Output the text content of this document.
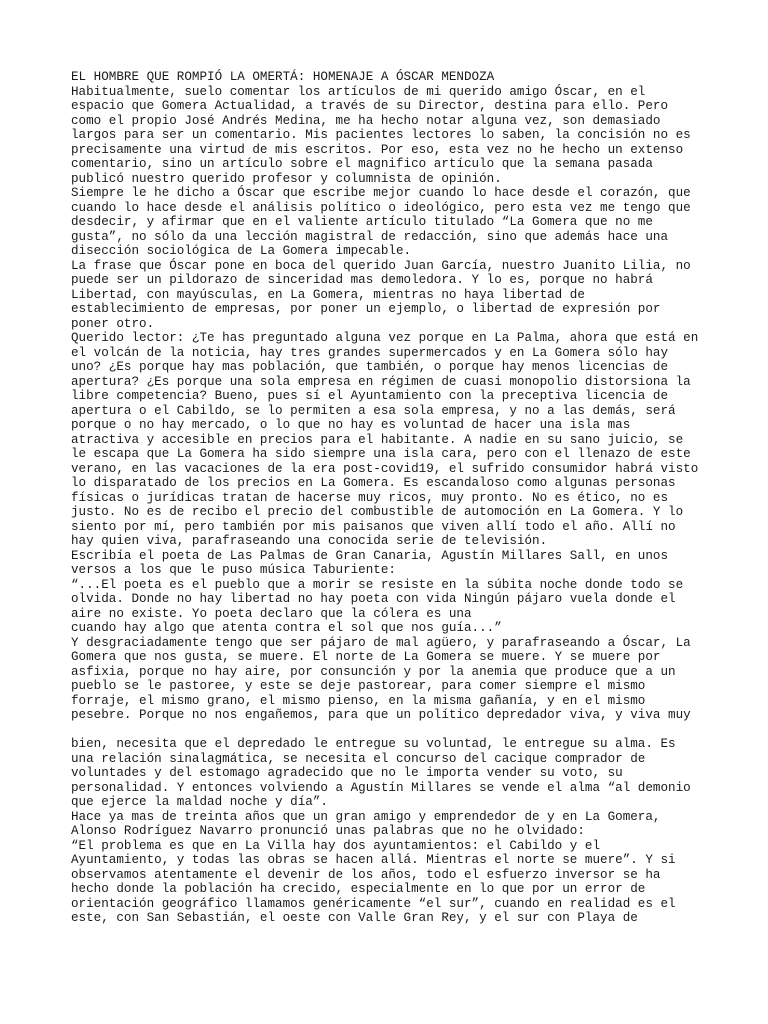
EL HOMBRE QUE ROMPIÓ LA OMERTÁ: HOMENAJE A ÓSCAR MENDOZA
Habitualmente, suelo comentar los artículos de mi querido amigo Óscar, en el
espacio que Gomera Actualidad, a través de su Director, destina para ello. Pero
como el propio José Andrés Medina, me ha hecho notar alguna vez, son demasiado
largos para ser un comentario. Mis pacientes lectores lo saben, la concisión no es
precisamente una virtud de mis escritos. Por eso, esta vez no he hecho un extenso
comentario, sino un artículo sobre el magnifico artículo que la semana pasada
publicó nuestro querido profesor y columnista de opinión.
Siempre le he dicho a Óscar que escribe mejor cuando lo hace desde el corazón, que
cuando lo hace desde el análisis político o ideológico, pero esta vez me tengo que
desdecir, y afirmar que en el valiente artículo titulado “La Gomera que no me
gusta”, no sólo da una lección magistral de redacción, sino que además hace una
disección sociológica de La Gomera impecable.
La frase que Óscar pone en boca del querido Juan García, nuestro Juanito Lilia, no
puede ser un pildorazo de sinceridad mas demoledora. Y lo es, porque no habrá
Libertad, con mayúsculas, en La Gomera, mientras no haya libertad de
establecimiento de empresas, por poner un ejemplo, o libertad de expresión por
poner otro.
Querido lector: ¿Te has preguntado alguna vez porque en La Palma, ahora que está en
el volcán de la noticia, hay tres grandes supermercados y en La Gomera sólo hay
uno? ¿Es porque hay mas población, que también, o porque hay menos licencias de
apertura? ¿Es porque una sola empresa en régimen de cuasi monopolio distorsiona la
libre competencia? Bueno, pues sí el Ayuntamiento con la preceptiva licencia de
apertura o el Cabildo, se lo permiten a esa sola empresa, y no a las demás, será
porque o no hay mercado, o lo que no hay es voluntad de hacer una isla mas
atractiva y accesible en precios para el habitante. A nadie en su sano juicio, se
le escapa que La Gomera ha sido siempre una isla cara, pero con el llenazo de este
verano, en las vacaciones de la era post-covid19, el sufrido consumidor habrá visto
lo disparatado de los precios en La Gomera. Es escandaloso como algunas personas
físicas o jurídicas tratan de hacerse muy ricos, muy pronto. No es ético, no es
justo. No es de recibo el precio del combustible de automoción en La Gomera. Y lo
siento por mí, pero también por mis paisanos que viven allí todo el año. Allí no
hay quien viva, parafraseando una conocida serie de televisión.
Escribía el poeta de Las Palmas de Gran Canaria, Agustín Millares Sall, en unos
versos a los que le puso música Taburiente:
“...El poeta es el pueblo que a morir se resiste en la súbita noche donde todo se
olvida. Donde no hay libertad no hay poeta con vida Ningún pájaro vuela donde el
aire no existe. Yo poeta declaro que la cólera es una
cuando hay algo que atenta contra el sol que nos guía...”
Y desgraciadamente tengo que ser pájaro de mal agüero, y parafraseando a Óscar, La
Gomera que nos gusta, se muere. El norte de La Gomera se muere. Y se muere por
asfixia, porque no hay aire, por consunción y por la anemia que produce que a un
pueblo se le pastoree, y este se deje pastorear, para comer siempre el mismo
forraje, el mismo grano, el mismo pienso, en la misma gañanía, y en el mismo
pesebre. Porque no nos engañemos, para que un político depredador viva, y viva muy
bien, necesita que el depredado le entregue su voluntad, le entregue su alma. Es
una relación sinalagmática, se necesita el concurso del cacique comprador de
voluntades y del estomago agradecido que no le importa vender su voto, su
personalidad. Y entonces volviendo a Agustín Millares se vende el alma “al demonio
que ejerce la maldad noche y día”.
Hace ya mas de treinta años que un gran amigo y emprendedor de y en La Gomera,
Alonso Rodríguez Navarro pronunció unas palabras que no he olvidado:
“El problema es que en La Villa hay dos ayuntamientos: el Cabildo y el
Ayuntamiento, y todas las obras se hacen allá. Mientras el norte se muere”. Y si
observamos atentamente el devenir de los años, todo el esfuerzo inversor se ha
hecho donde la población ha crecido, especialmente en lo que por un error de
orientación geográfico llamamos genéricamente “el sur”, cuando en realidad es el
este, con San Sebastián, el oeste con Valle Gran Rey, y el sur con Playa de
